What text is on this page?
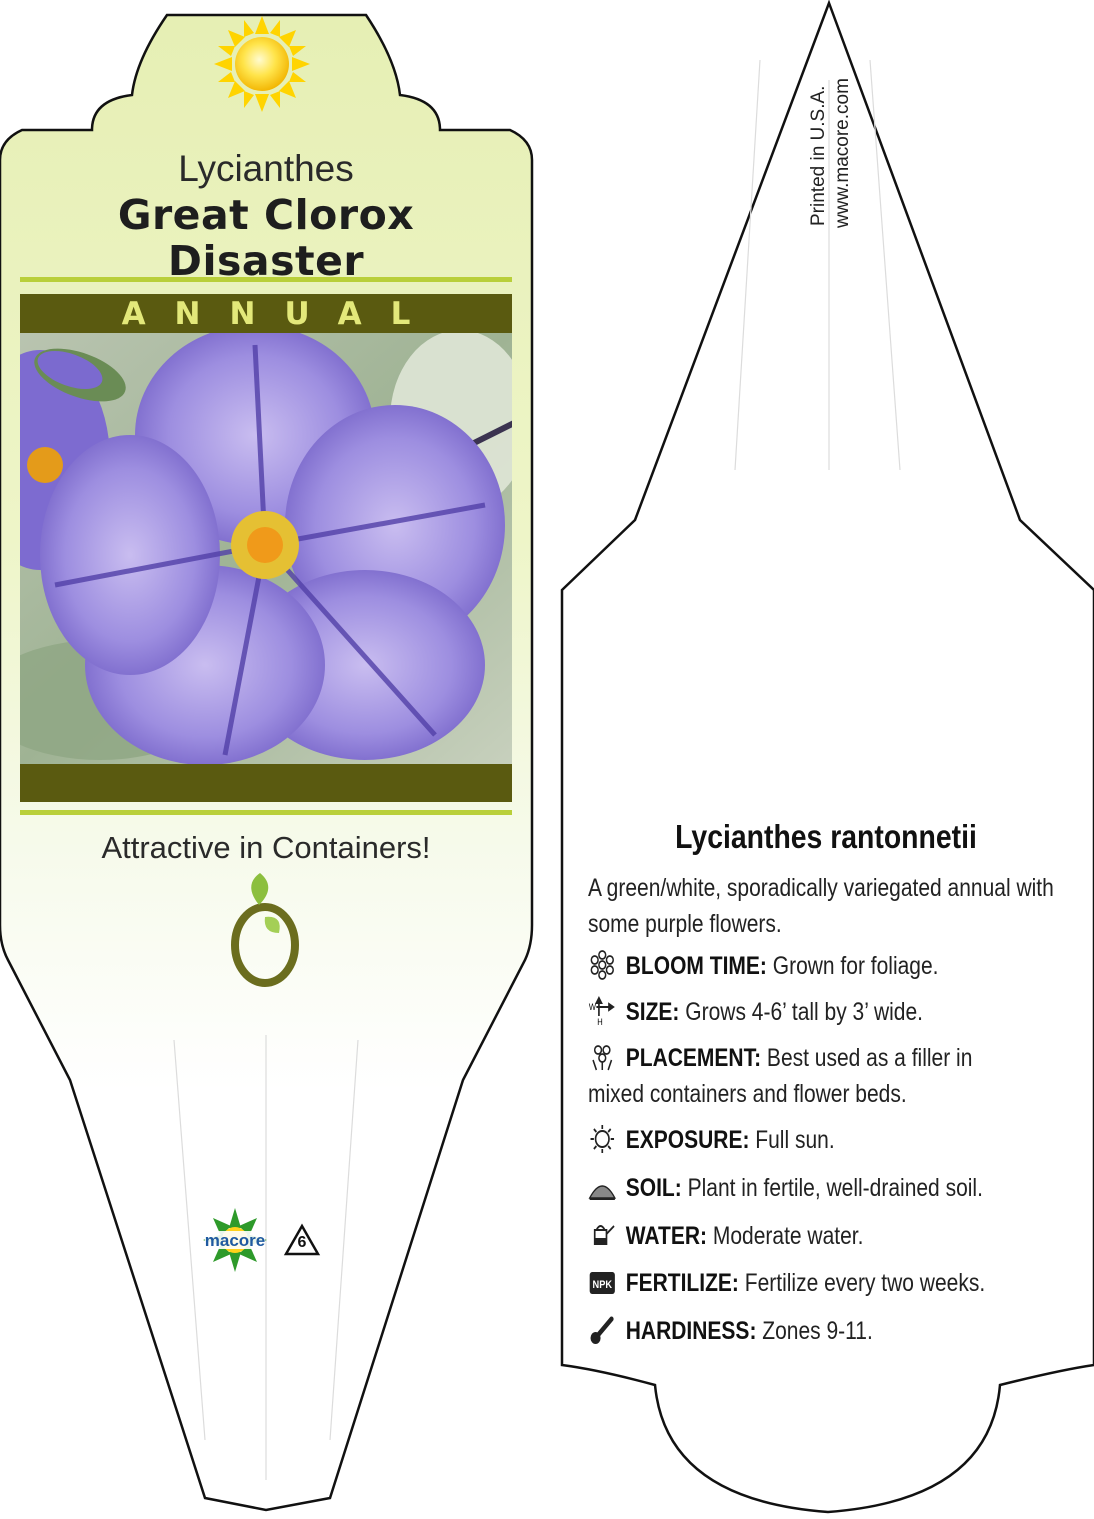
macore
Lycianthes
Great Clorox
Disaster
ANNUAL
Attractive in Containers!
6
Printed in U.S.A. www.macore.com
Lycianthes rantonnetii
A green/white, sporadically variegated annual with some purple flowers.
BLOOM TIME: Grown for foliage.
W
H SIZE: Grows 4-6’ tall by 3’ wide.
PLACEMENT: Best used as a filler in mixed containers and flower beds.
EXPOSURE: Full sun.
SOIL: Plant in fertile, well-drained soil.
WATER: Moderate water.
NPK FERTILIZE: Fertilize every two weeks.
HARDINESS: Zones 9-11.
